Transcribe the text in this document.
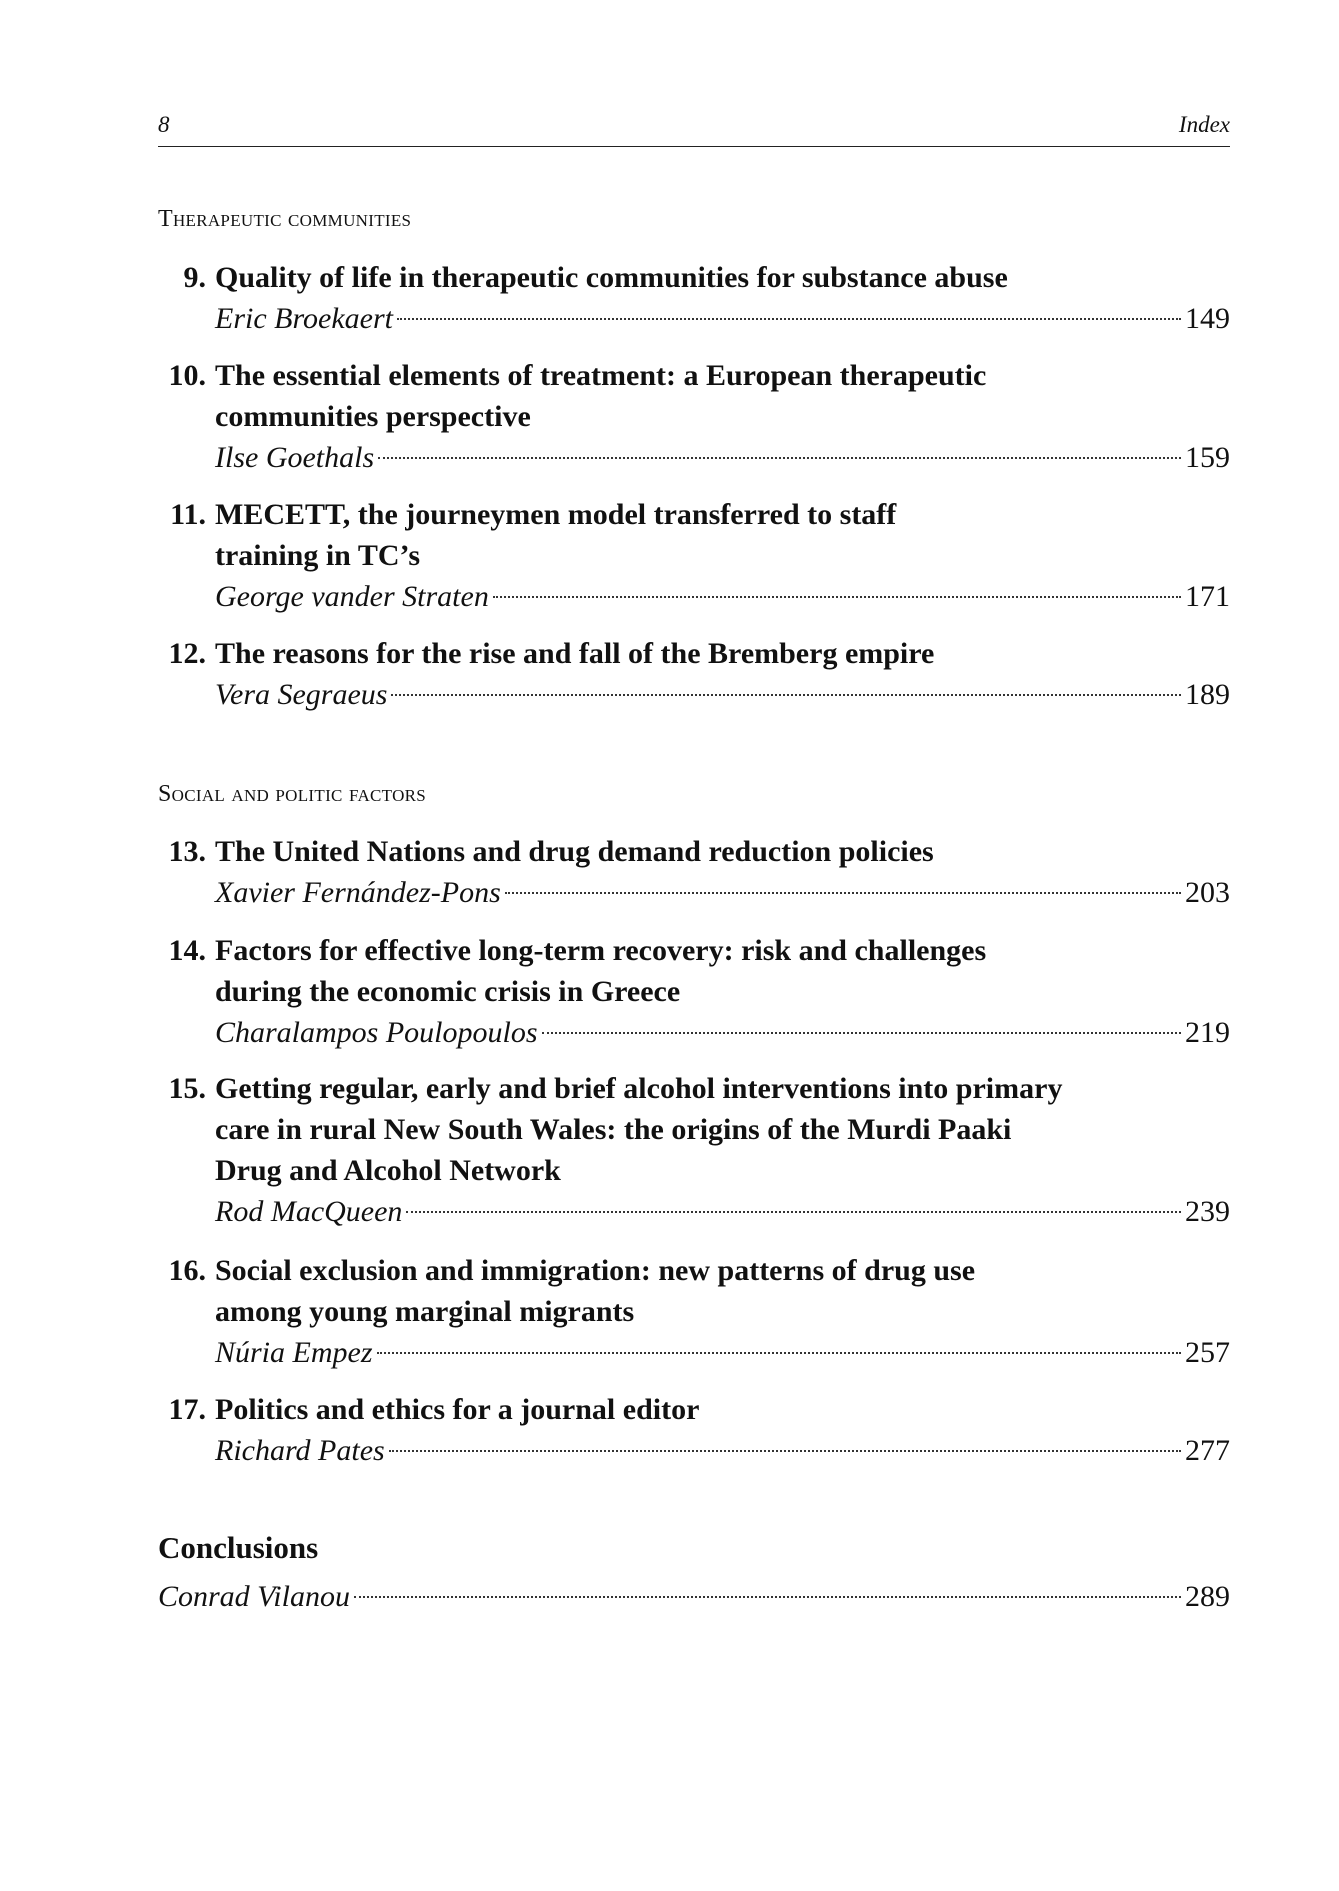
8	Index
Therapeutic communities
9. Quality of life in therapeutic communities for substance abuse
Eric Broekaert	149
10. The essential elements of treatment: a European therapeutic
communities perspective
Ilse Goethals	159
11. MECETT, the journeymen model transferred to staff
training in TC’s
George vander Straten	171
12. The reasons for the rise and fall of the Bremberg empire
Vera Segraeus	189
Social and politic factors
13. The United Nations and drug demand reduction policies
Xavier Fernández-Pons	203
14. Factors for effective long-term recovery: risk and challenges
during the economic crisis in Greece
Charalampos Poulopoulos	219
15. Getting regular, early and brief alcohol interventions into primary
care in rural New South Wales: the origins of the Murdi Paaki
Drug and Alcohol Network
Rod MacQueen	239
16. Social exclusion and immigration: new patterns of drug use
among young marginal migrants
Núria Empez	257
17. Politics and ethics for a journal editor
Richard Pates	277
Conclusions
Conrad Vilanou	289
